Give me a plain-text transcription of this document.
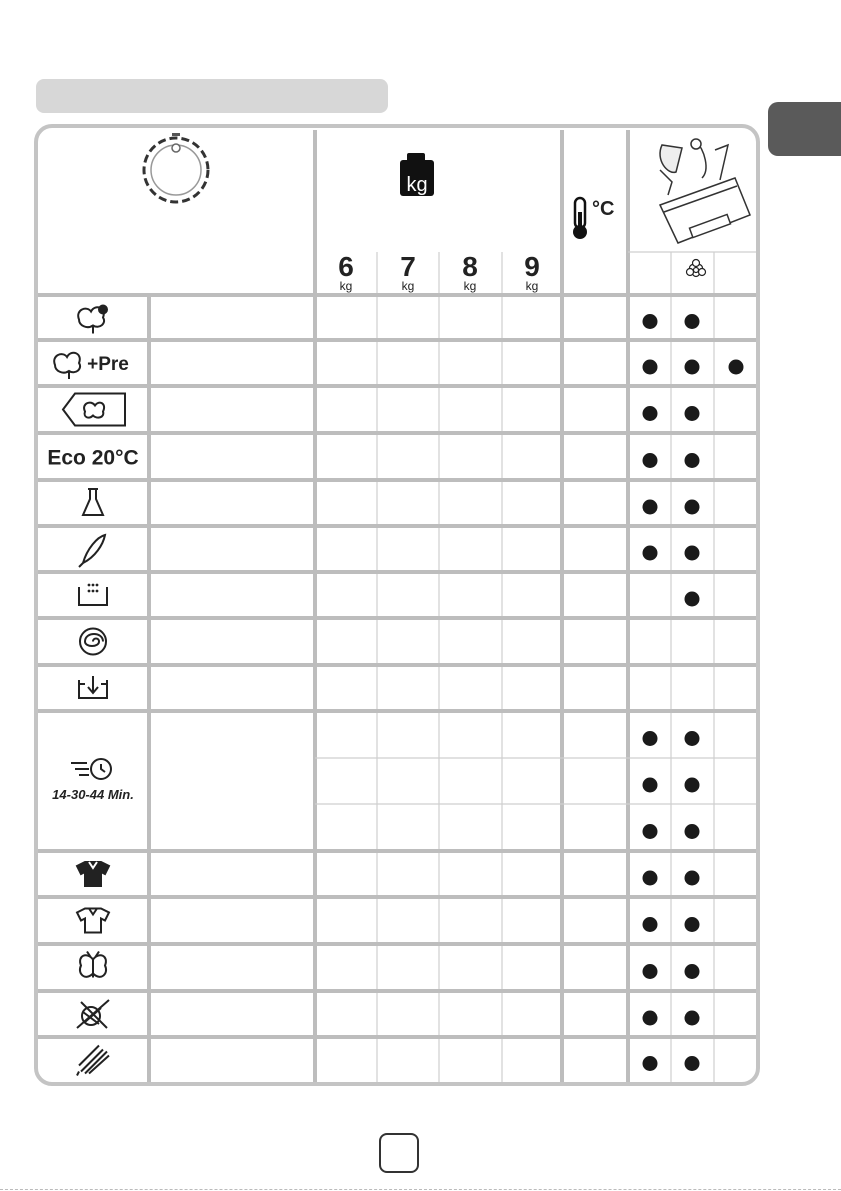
kg
6
kg
7
kg
8
kg
9
kg
°C
+Pre
Eco 20°C
14-30-44 Min.
